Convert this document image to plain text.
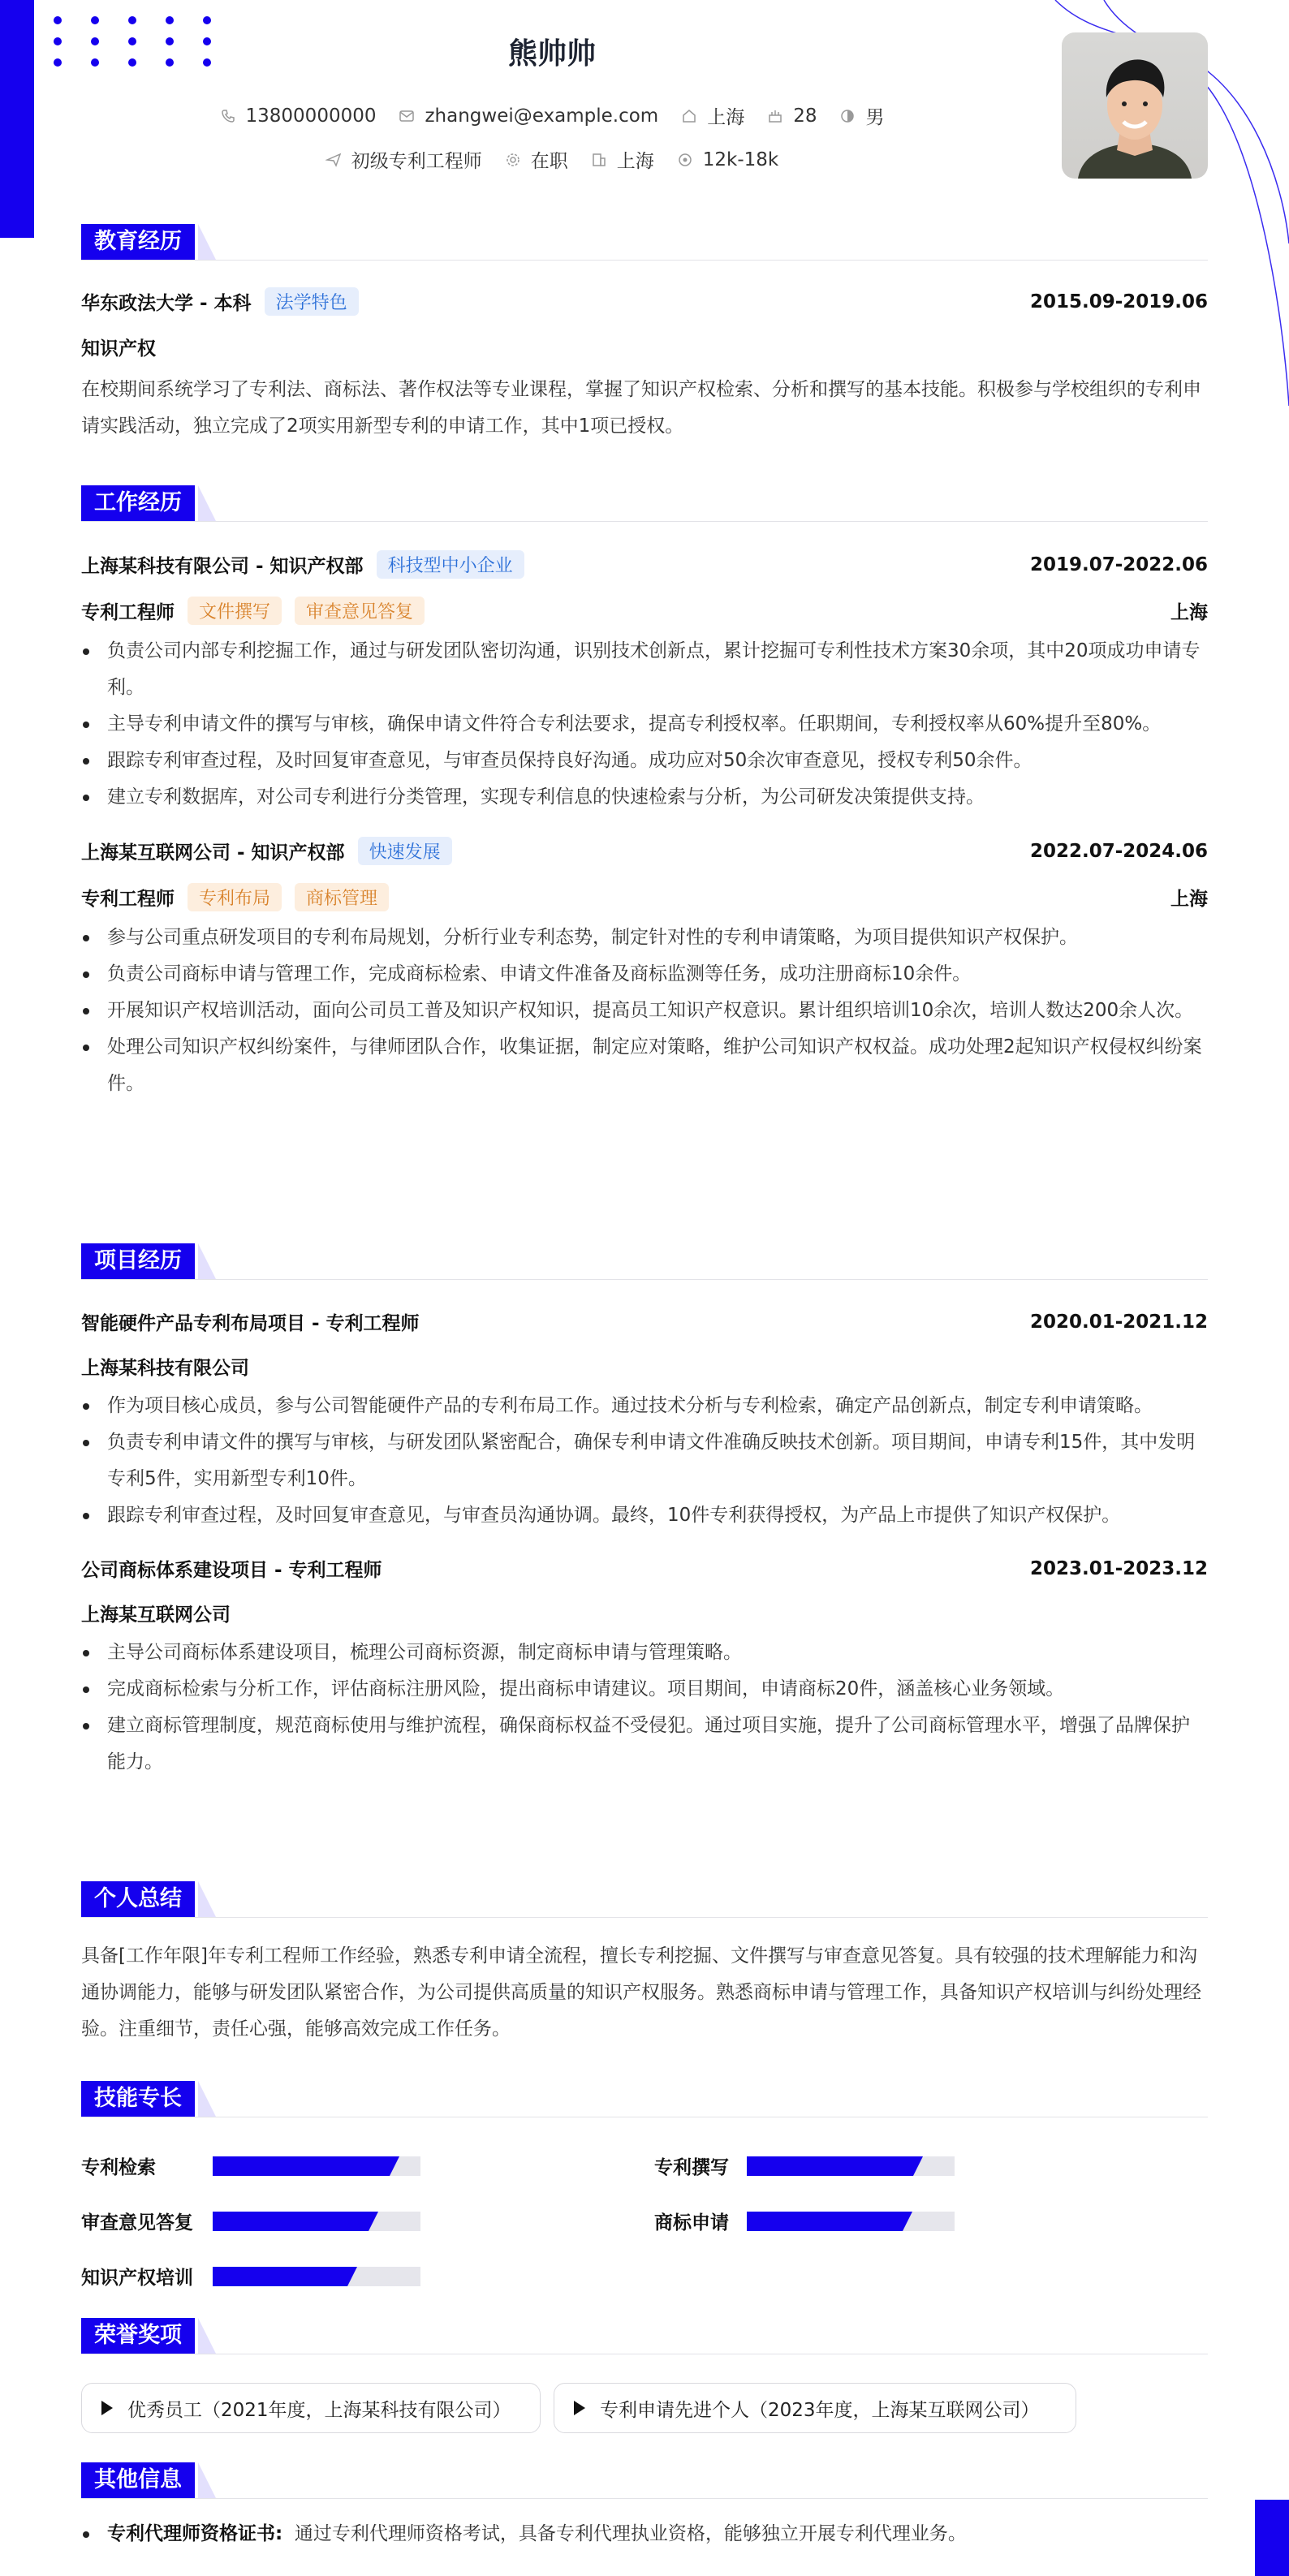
熊帅帅
13800000000	zhangwei@example.com	上海	28	男
初级专利工程师	在职	上海	12k-18k
教育经历
华东政法大学 - 本科	法学特色	2015.09-2019.06
知识产权
在校期间系统学习了专利法、商标法、著作权法等专业课程，掌握了知识产权检索、分析和撰写的基本技能。积极参与学校组织的专利申请实践活动，独立完成了2项实用新型专利的申请工作，其中1项已授权。
工作经历
上海某科技有限公司 - 知识产权部	科技型中小企业	2019.07-2022.06
专利工程师	文件撰写	审查意见答复	上海
负责公司内部专利挖掘工作，通过与研发团队密切沟通，识别技术创新点，累计挖掘可专利性技术方案30余项，其中20项成功申请专利。
主导专利申请文件的撰写与审核，确保申请文件符合专利法要求，提高专利授权率。任职期间，专利授权率从60%提升至80%。
跟踪专利审查过程，及时回复审查意见，与审查员保持良好沟通。成功应对50余次审查意见，授权专利50余件。
建立专利数据库，对公司专利进行分类管理，实现专利信息的快速检索与分析，为公司研发决策提供支持。
上海某互联网公司 - 知识产权部	快速发展	2022.07-2024.06
专利工程师	专利布局	商标管理	上海
参与公司重点研发项目的专利布局规划，分析行业专利态势，制定针对性的专利申请策略，为项目提供知识产权保护。
负责公司商标申请与管理工作，完成商标检索、申请文件准备及商标监测等任务，成功注册商标10余件。
开展知识产权培训活动，面向公司员工普及知识产权知识，提高员工知识产权意识。累计组织培训10余次，培训人数达200余人次。
处理公司知识产权纠纷案件，与律师团队合作，收集证据，制定应对策略，维护公司知识产权权益。成功处理2起知识产权侵权纠纷案件。
项目经历
智能硬件产品专利布局项目 - 专利工程师	2020.01-2021.12
上海某科技有限公司
作为项目核心成员，参与公司智能硬件产品的专利布局工作。通过技术分析与专利检索，确定产品创新点，制定专利申请策略。
负责专利申请文件的撰写与审核，与研发团队紧密配合，确保专利申请文件准确反映技术创新。项目期间，申请专利15件，其中发明专利5件，实用新型专利10件。
跟踪专利审查过程，及时回复审查意见，与审查员沟通协调。最终，10件专利获得授权，为产品上市提供了知识产权保护。
公司商标体系建设项目 - 专利工程师	2023.01-2023.12
上海某互联网公司
主导公司商标体系建设项目，梳理公司商标资源，制定商标申请与管理策略。
完成商标检索与分析工作，评估商标注册风险，提出商标申请建议。项目期间，申请商标20件，涵盖核心业务领域。
建立商标管理制度，规范商标使用与维护流程，确保商标权益不受侵犯。通过项目实施，提升了公司商标管理水平，增强了品牌保护能力。
个人总结
具备[工作年限]年专利工程师工作经验，熟悉专利申请全流程，擅长专利挖掘、文件撰写与审查意见答复。具有较强的技术理解能力和沟通协调能力，能够与研发团队紧密合作，为公司提供高质量的知识产权服务。熟悉商标申请与管理工作，具备知识产权培训与纠纷处理经验。注重细节，责任心强，能够高效完成工作任务。
技能专长
专利检索	专利撰写
审查意见答复	商标申请
知识产权培训
荣誉奖项
优秀员工（2021年度，上海某科技有限公司）	专利申请先进个人（2023年度，上海某互联网公司）
其他信息
专利代理师资格证书: 通过专利代理师资格考试，具备专利代理执业资格，能够独立开展专利代理业务。
